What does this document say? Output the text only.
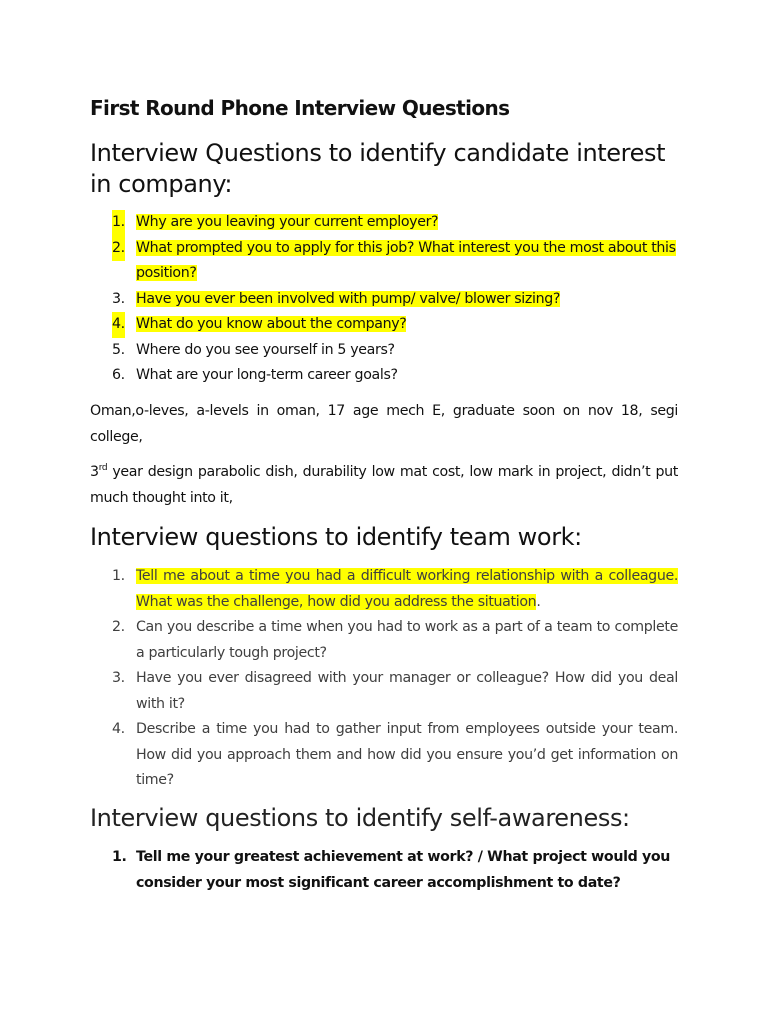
First Round Phone Interview Questions
Interview Questions to identify candidate interest in company:
1. Why are you leaving your current employer?
2. What prompted you to apply for this job? What interest you the most about this position?
3. Have you ever been involved with pump/ valve/ blower sizing?
4. What do you know about the company?
5. Where do you see yourself in 5 years?
6. What are your long-term career goals?

Oman,o-leves, a-levels in oman, 17 age mech E, graduate soon on nov 18, segi college,

3rd year design parabolic dish, durability low mat cost, low mark in project, didn’t put much thought into it,

Interview questions to identify team work:
1. Tell me about a time you had a difficult working relationship with a colleague. What was the challenge, how did you address the situation.
2. Can you describe a time when you had to work as a part of a team to complete a particularly tough project?
3. Have you ever disagreed with your manager or colleague? How did you deal with it?
4. Describe a time you had to gather input from employees outside your team. How did you approach them and how did you ensure you’d get information on time?
Interview questions to identify self-awareness:
1. Tell me your greatest achievement at work? / What project would you consider your most significant career accomplishment to date?
